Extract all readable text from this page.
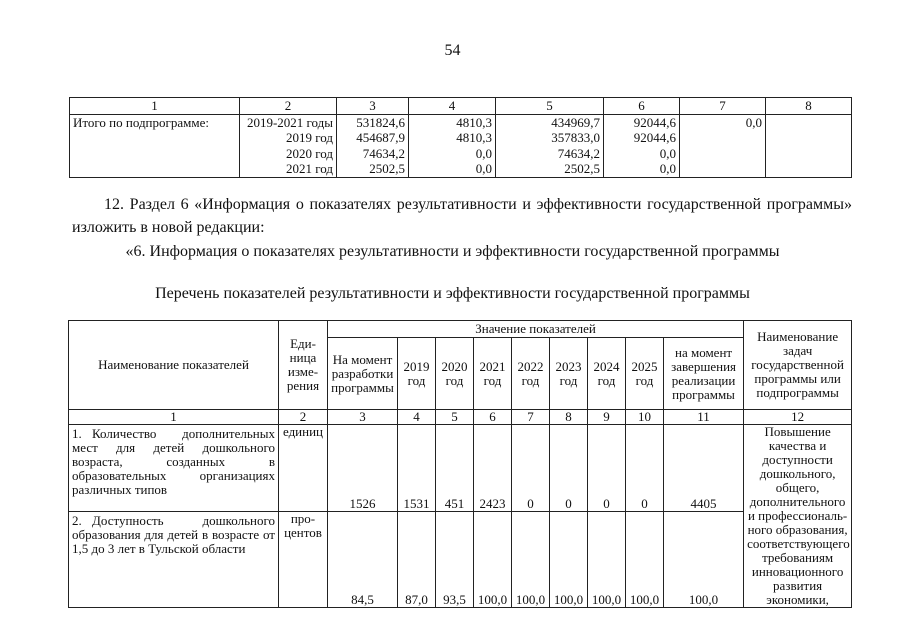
54
1	2	3	4	5	6	7	8
Итого по подпрограмме:	2019-2021 годы	531824,6	4810,3	434969,7	92044,6	0,0	
	2019 год	454687,9	4810,3	357833,0	92044,6		
	2020 год	74634,2	0,0	74634,2	0,0		
	2021 год	2502,5	0,0	2502,5	0,0		
12. Раздел 6 «Информация о показателях результативности и эффективности государственной программы» изложить в новой редакции:
«6. Информация о показателях результативности и эффективности государственной программы
Перечень показателей результативности и эффективности государственной программы
Наименование показателей	Еди-ница изме-рения	Значение показателей									Наименование задач государственной программы или подпрограммы
		На момент разработки программы	2019 год	2020 год	2021 год	2022 год	2023 год	2024 год	2025 год	на момент завершения реализации программы	
1	2	3	4	5	6	7	8	9	10	11	12
1. Количество дополнительных мест для детей дошкольного возраста, созданных в образовательных организациях различных типов	единиц	1526	1531	451	2423	0	0	0	0	4405	Повышение качества и доступности дошкольного, общего, дополнительного и профессиональ-ного образования, соответствующего требованиям инновационного развития экономики,
2. Доступность дошкольного образования для детей в возрасте от 1,5 до 3 лет в Тульской области	про-центов	84,5	87,0	93,5	100,0	100,0	100,0	100,0	100,0	100,0	
